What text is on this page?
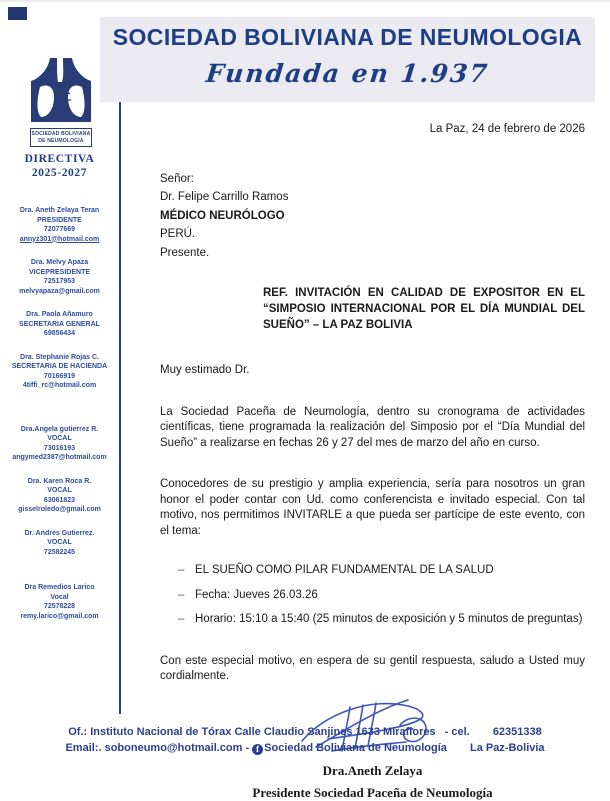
SOCIEDAD BOLIVIANA DE NEUMOLOGIA
Fundada en 1.937
SOCIEDAD BOLIVIANA
DE NEUMOLOGIA
DIRECTIVA
2025-2027
Dra. Aneth Zelaya Teran
PRESIDENTE
72077669
annyz301@hotmail.com
Dra. Melvy Apaza
VICEPRESIDENTE
72517953
melvyapaza@gmail.com
Dra. Paola Añamuro
SECRETARIA GENERAL
69856434
Dra. Stephanie Rojas C.
SECRETARIA DE HACIENDA
70166919
4tiffi_rc@hotmail.com
Dra.Angela gutierrez R.
VOCAL
73016193
angymed2387@hotmail.com
Dra. Karen Roca R.
VOCAL
63061823
gisselroledo@gmail.com
Dr. Andres Gutierrez.
VOCAL
72582245
Dra Remedios Larico
Vocal
72578228
remy.larico@gmail.com
La Paz, 24 de febrero de 2026
Señor:
Dr. Felipe Carrillo Ramos
MÉDICO NEURÓLOGO
PERÚ.
Presente.
REF. INVITACIÓN EN CALIDAD DE EXPOSITOR EN EL “SIMPOSIO INTERNACIONAL POR EL DÍA MUNDIAL DEL SUEÑO” – LA PAZ BOLIVIA
Muy estimado Dr.
La Sociedad Paceña de Neumología, dentro su cronograma de actividades científicas, tiene programada la realización del Simposio por el “Día Mundial del Sueño” a realizarse en fechas 26 y 27 del mes de marzo del año en curso.
Conocedores de su prestigio y amplia experiencia, sería para nosotros un gran honor el poder contar con Ud. como conferencista e invitado especial. Con tal motivo, nos permitimos INVITARLE a que pueda ser partícipe de este evento, con el tema:
– EL SUEÑO COMO PILAR FUNDAMENTAL DE LA SALUD
– Fecha: Jueves 26.03.26
– Horario: 15:10 a 15:40 (25 minutos de exposición y 5 minutos de preguntas)
Con este especial motivo, en espera de su gentil respuesta, saludo a Usted muy cordialmente.
Dra.Aneth Zelaya
Presidente Sociedad Paceña de Neumología
Of.: Instituto Nacional de Tórax Calle Claudio Sanjines 1633 Miraflores - cel. 62351338
Email:. soboneumo@hotmail.com - f Sociedad Boliviana de Neumología La Paz-Bolivia
